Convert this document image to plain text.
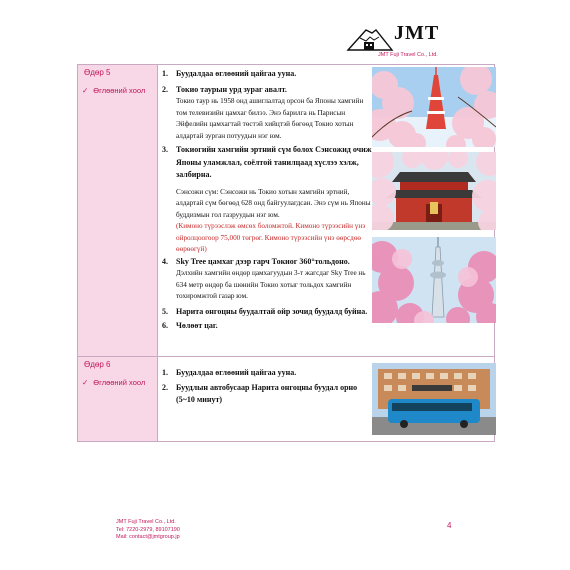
JMT
JMT Fuji Travel Co., Ltd.
Өдөр 5
✓ Өглөөний хоол
1. Буудалдаа өглөөний цайгаа ууна.
2. Токио таурын урд зураг авалт.
Токио таур нь 1958 онд ашиглалтад орсон ба Японы хамгийн том телевизийн цамхаг билээ. Энэ барилга нь Парисын Эйфелийн цамхагтай төстэй хийцтэй бөгөөд Токио хотын алдартай зурган потуудын нэг юм.
3. Токиогийн хамгийн эртний сүм болох Сэнсожид очиж Японы уламжлал, соёлтой танилцаад хүслээ хэлж, залбирна.
Сэнсожи сүм: Сэнсожи нь Токио хотын хамгийн эртний, алдартай сүм бөгөөд 628 онд байгуулагдсан. Энэ сүм нь Японы буддизмын гол газруудын нэг юм.
(Кимоно түрээслэж өмсөх боломжтой. Кимоно түрээсийн үнэ ойролцоогоор 75,000 төгрөг. Кимоно түрээсийн үнэ өөрсдөө өөрөөгүй)
4. Sky Tree цамхаг дээр гарч Токиог 360°тольдоно.
Дэлхийн хамгийн өндөр цамхагуудын 3-т жагсдаг Sky Tree нь 634 метр өндөр ба шөнийн Токио хотыг тольдох хамгийн тохиромжтой газар юм.
5. Нарита онгоцны буудалтай ойр зочид буудалд буйна.
6. Чөлөөт цаг.
Өдөр 6
✓ Өглөөний хоол
1. Буудалдаа өглөөний цайгаа ууна.
2. Буудлын автобусаар Нарита онгоцны буудал орно (5~10 минут)
JMT Fuji Travel Co., Ltd.
Tel: 7220-2979, 89107190
Mail: contact@jmtgroup.jp
4
